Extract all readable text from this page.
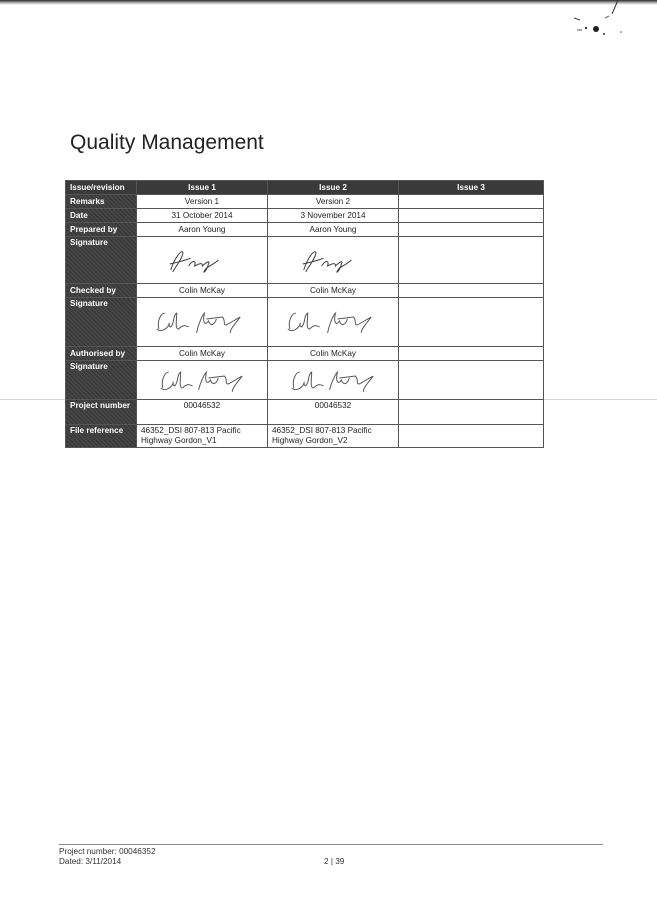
Quality Management
Issue/revision	Issue 1	Issue 2	Issue 3
Remarks	Version 1	Version 2	
Date	31 October 2014	3 November 2014	
Prepared by	Aaron Young	Aaron Young	
Signature	

Checked by	Colin McKay	Colin McKay	
Signature	

Authorised by	Colin McKay	Colin McKay	
Signature	

Project number	00046532	00046532	
File reference	46352_DSI 807-813 Pacific Highway Gordon_V1	46352_DSI 807-813 Pacific Highway Gordon_V2	
Project number: 00046352
Dated: 3/11/2014	2 | 39
